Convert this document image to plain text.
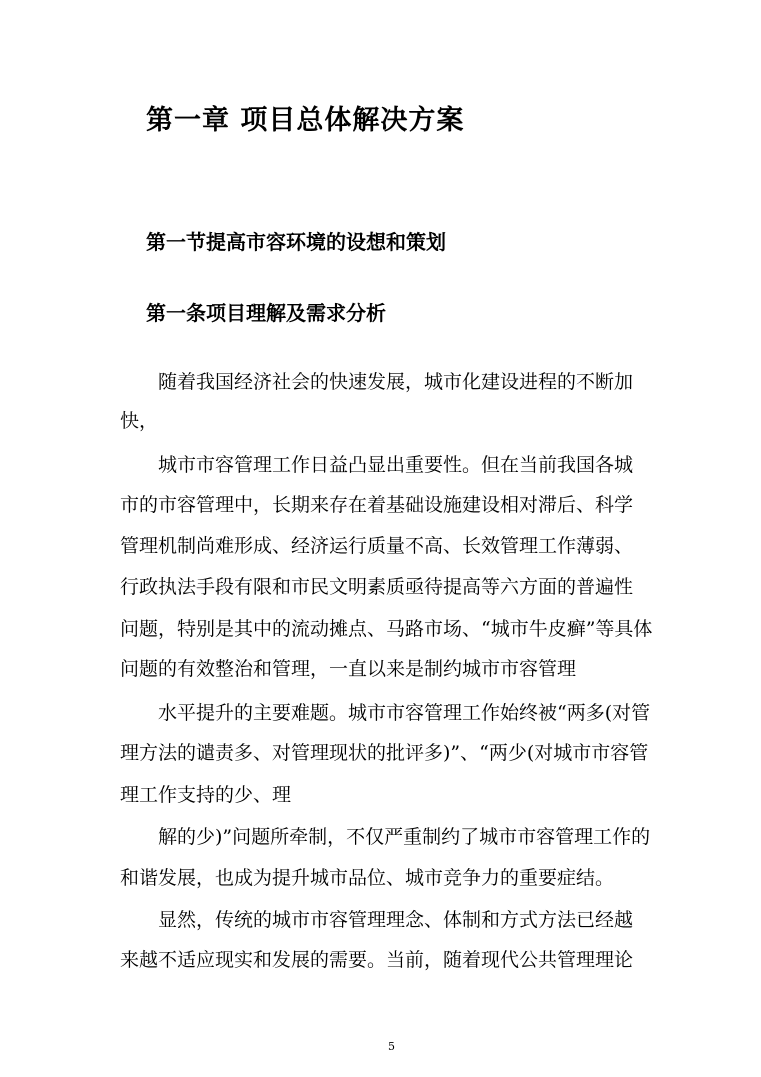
第一章 项目总体解决方案
第一节提高市容环境的设想和策划
第一条项目理解及需求分析
随着我国经济社会的快速发展，城市化建设进程的不断加
快，
城市市容管理工作日益凸显出重要性。但在当前我国各城
市的市容管理中，长期来存在着基础设施建设相对滞后、科学
管理机制尚难形成、经济运行质量不高、长效管理工作薄弱、
行政执法手段有限和市民文明素质亟待提高等六方面的普遍性
问题，特别是其中的流动摊点、马路市场、“城市牛皮癣”等具体
问题的有效整治和管理，一直以来是制约城市市容管理
水平提升的主要难题。城市市容管理工作始终被“两多(对管
理方法的谴责多、对管理现状的批评多)”、“两少(对城市市容管
理工作支持的少、理
解的少)”问题所牵制，不仅严重制约了城市市容管理工作的
和谐发展，也成为提升城市品位、城市竞争力的重要症结。
显然，传统的城市市容管理理念、体制和方式方法已经越
来越不适应现实和发展的需要。当前，随着现代公共管理理论
5
